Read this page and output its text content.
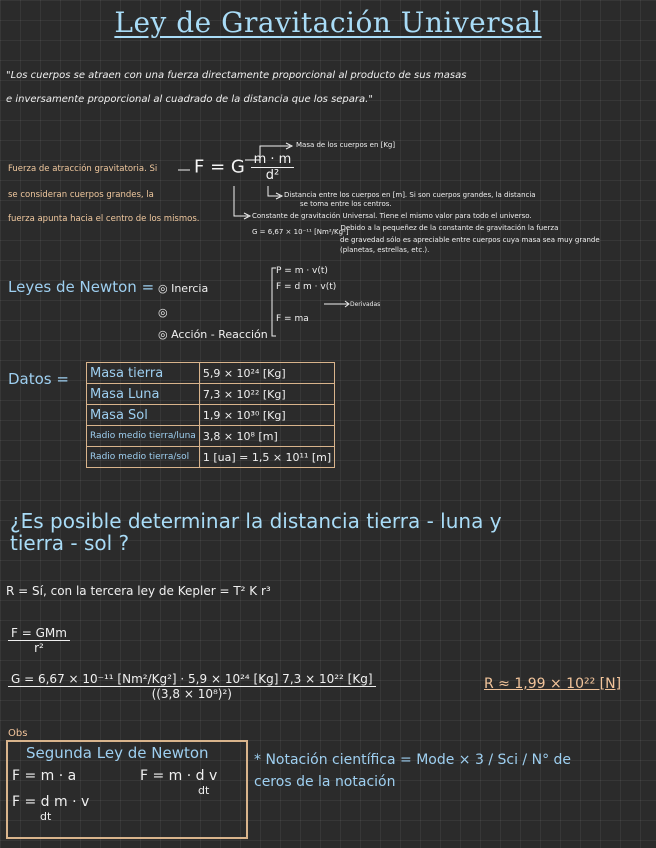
Ley de Gravitación Universal
"Los cuerpos se atraen con una fuerza directamente proporcional al producto de sus masas
e inversamente proporcional al cuadrado de la distancia que los separa."
Fuerza de atracción gravitatoria. Si
se consideran cuerpos grandes, la
fuerza apunta hacia el centro de los mismos.
F = G $\frac{m \cdot m}{\text{d²}}$
Masa de los cuerpos en [Kg]
Distancia entre los cuerpos en [m]. Si son cuerpos grandes, la distancia
se toma entre los centros.
Constante de gravitación Universal. Tiene el mismo valor para todo el universo.
G = 6,67 × 10⁻¹¹ [Nm²/Kg²]
. Debido a la pequeñez de la constante de gravitación la fuerza
de gravedad sólo es apreciable entre cuerpos cuya masa sea muy grande
(planetas, estrellas, etc.).
Leyes de Newton = ◎ Inercia
◎
◎ Acción - Reacción
P = m · v(t)
F = d m · v(t)
F = ma
Derivadas
Datos = Masa tierra	5,9 × 10²⁴ [Kg]
Masa Luna	7,3 × 10²² [Kg]
Masa Sol	1,9 × 10³⁰ [Kg]
Radio medio tierra/luna	3,8 × 10⁸ [m]
Radio medio tierra/sol	1 [ua] = 1,5 × 10¹¹ [m]
¿Es posible determinar la distancia tierra - luna y
tierra - sol ?
R = Sí, con la tercera ley de Kepler = T² K r³
$\frac{\text{F = GMm}}{\text{r²}}$
G = 6,67 × 10⁻¹¹ [Nm²/Kg²] · 5,9 × 10²⁴ [Kg] 7,3 × 10²² [Kg]
((3,8 × 10⁸)²)
R ≈ 1,99 × 10²² [N]
Obs
Segunda Ley de Newton
F = m · a
F = d m · v
dt
F = m · d v
dt
* Notación científica = Mode × 3 / Sci / N° de
ceros de la notación
